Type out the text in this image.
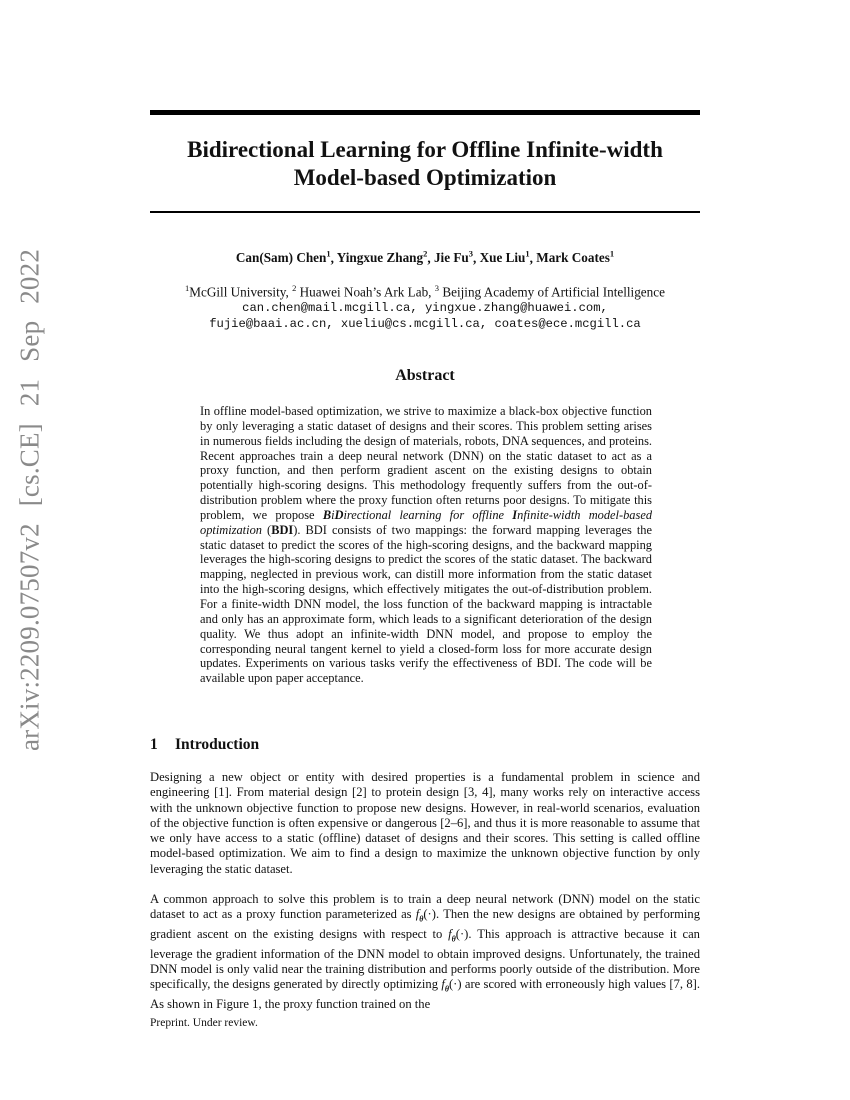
arXiv:2209.07507v2 [cs.CE] 21 Sep 2022
Bidirectional Learning for Offline Infinite-width
Model-based Optimization
Can(Sam) Chen$^1$, Yingxue Zhang$^2$, Jie Fu$^3$, Xue Liu$^1$, Mark Coates$^1$
$^1$McGill University, $^2$ Huawei Noah’s Ark Lab, $^3$ Beijing Academy of Artificial Intelligence
can.chen@mail.mcgill.ca, yingxue.zhang@huawei.com,
fujie@baai.ac.cn, xueliu@cs.mcgill.ca, coates@ece.mcgill.ca
Abstract
In offline model-based optimization, we strive to maximize a black-box objective function by only leveraging a static dataset of designs and their scores. This problem setting arises in numerous fields including the design of materials, robots, DNA sequences, and proteins. Recent approaches train a deep neural network (DNN) on the static dataset to act as a proxy function, and then perform gradient ascent on the existing designs to obtain potentially high-scoring designs. This methodology frequently suffers from the out-of-distribution problem where the proxy function often returns poor designs. To mitigate this problem, we propose BiDirectional learning for offline Infinite-width model-based optimization (BDI). BDI consists of two mappings: the forward mapping leverages the static dataset to predict the scores of the high-scoring designs, and the backward mapping leverages the high-scoring designs to predict the scores of the static dataset. The backward mapping, neglected in previous work, can distill more information from the static dataset into the high-scoring designs, which effectively mitigates the out-of-distribution problem. For a finite-width DNN model, the loss function of the backward mapping is intractable and only has an approximate form, which leads to a significant deterioration of the design quality. We thus adopt an infinite-width DNN model, and propose to employ the corresponding neural tangent kernel to yield a closed-form loss for more accurate design updates. Experiments on various tasks verify the effectiveness of BDI. The code will be available upon paper acceptance.
1 Introduction
Designing a new object or entity with desired properties is a fundamental problem in science and engineering [1]. From material design [2] to protein design [3, 4], many works rely on interactive access with the unknown objective function to propose new designs. However, in real-world scenarios, evaluation of the objective function is often expensive or dangerous [2–6], and thus it is more reasonable to assume that we only have access to a static (offline) dataset of designs and their scores. This setting is called offline model-based optimization. We aim to find a design to maximize the unknown objective function by only leveraging the static dataset.
A common approach to solve this problem is to train a deep neural network (DNN) model on the static dataset to act as a proxy function parameterized as $f_\theta(\cdot)$. Then the new designs are obtained by performing gradient ascent on the existing designs with respect to $f_\theta(\cdot)$. This approach is attractive because it can leverage the gradient information of the DNN model to obtain improved designs. Unfortunately, the trained DNN model is only valid near the training distribution and performs poorly outside of the distribution. More specifically, the designs generated by directly optimizing $f_\theta(\cdot)$ are scored with erroneously high values [7, 8]. As shown in Figure 1, the proxy function trained on the
Preprint. Under review.
